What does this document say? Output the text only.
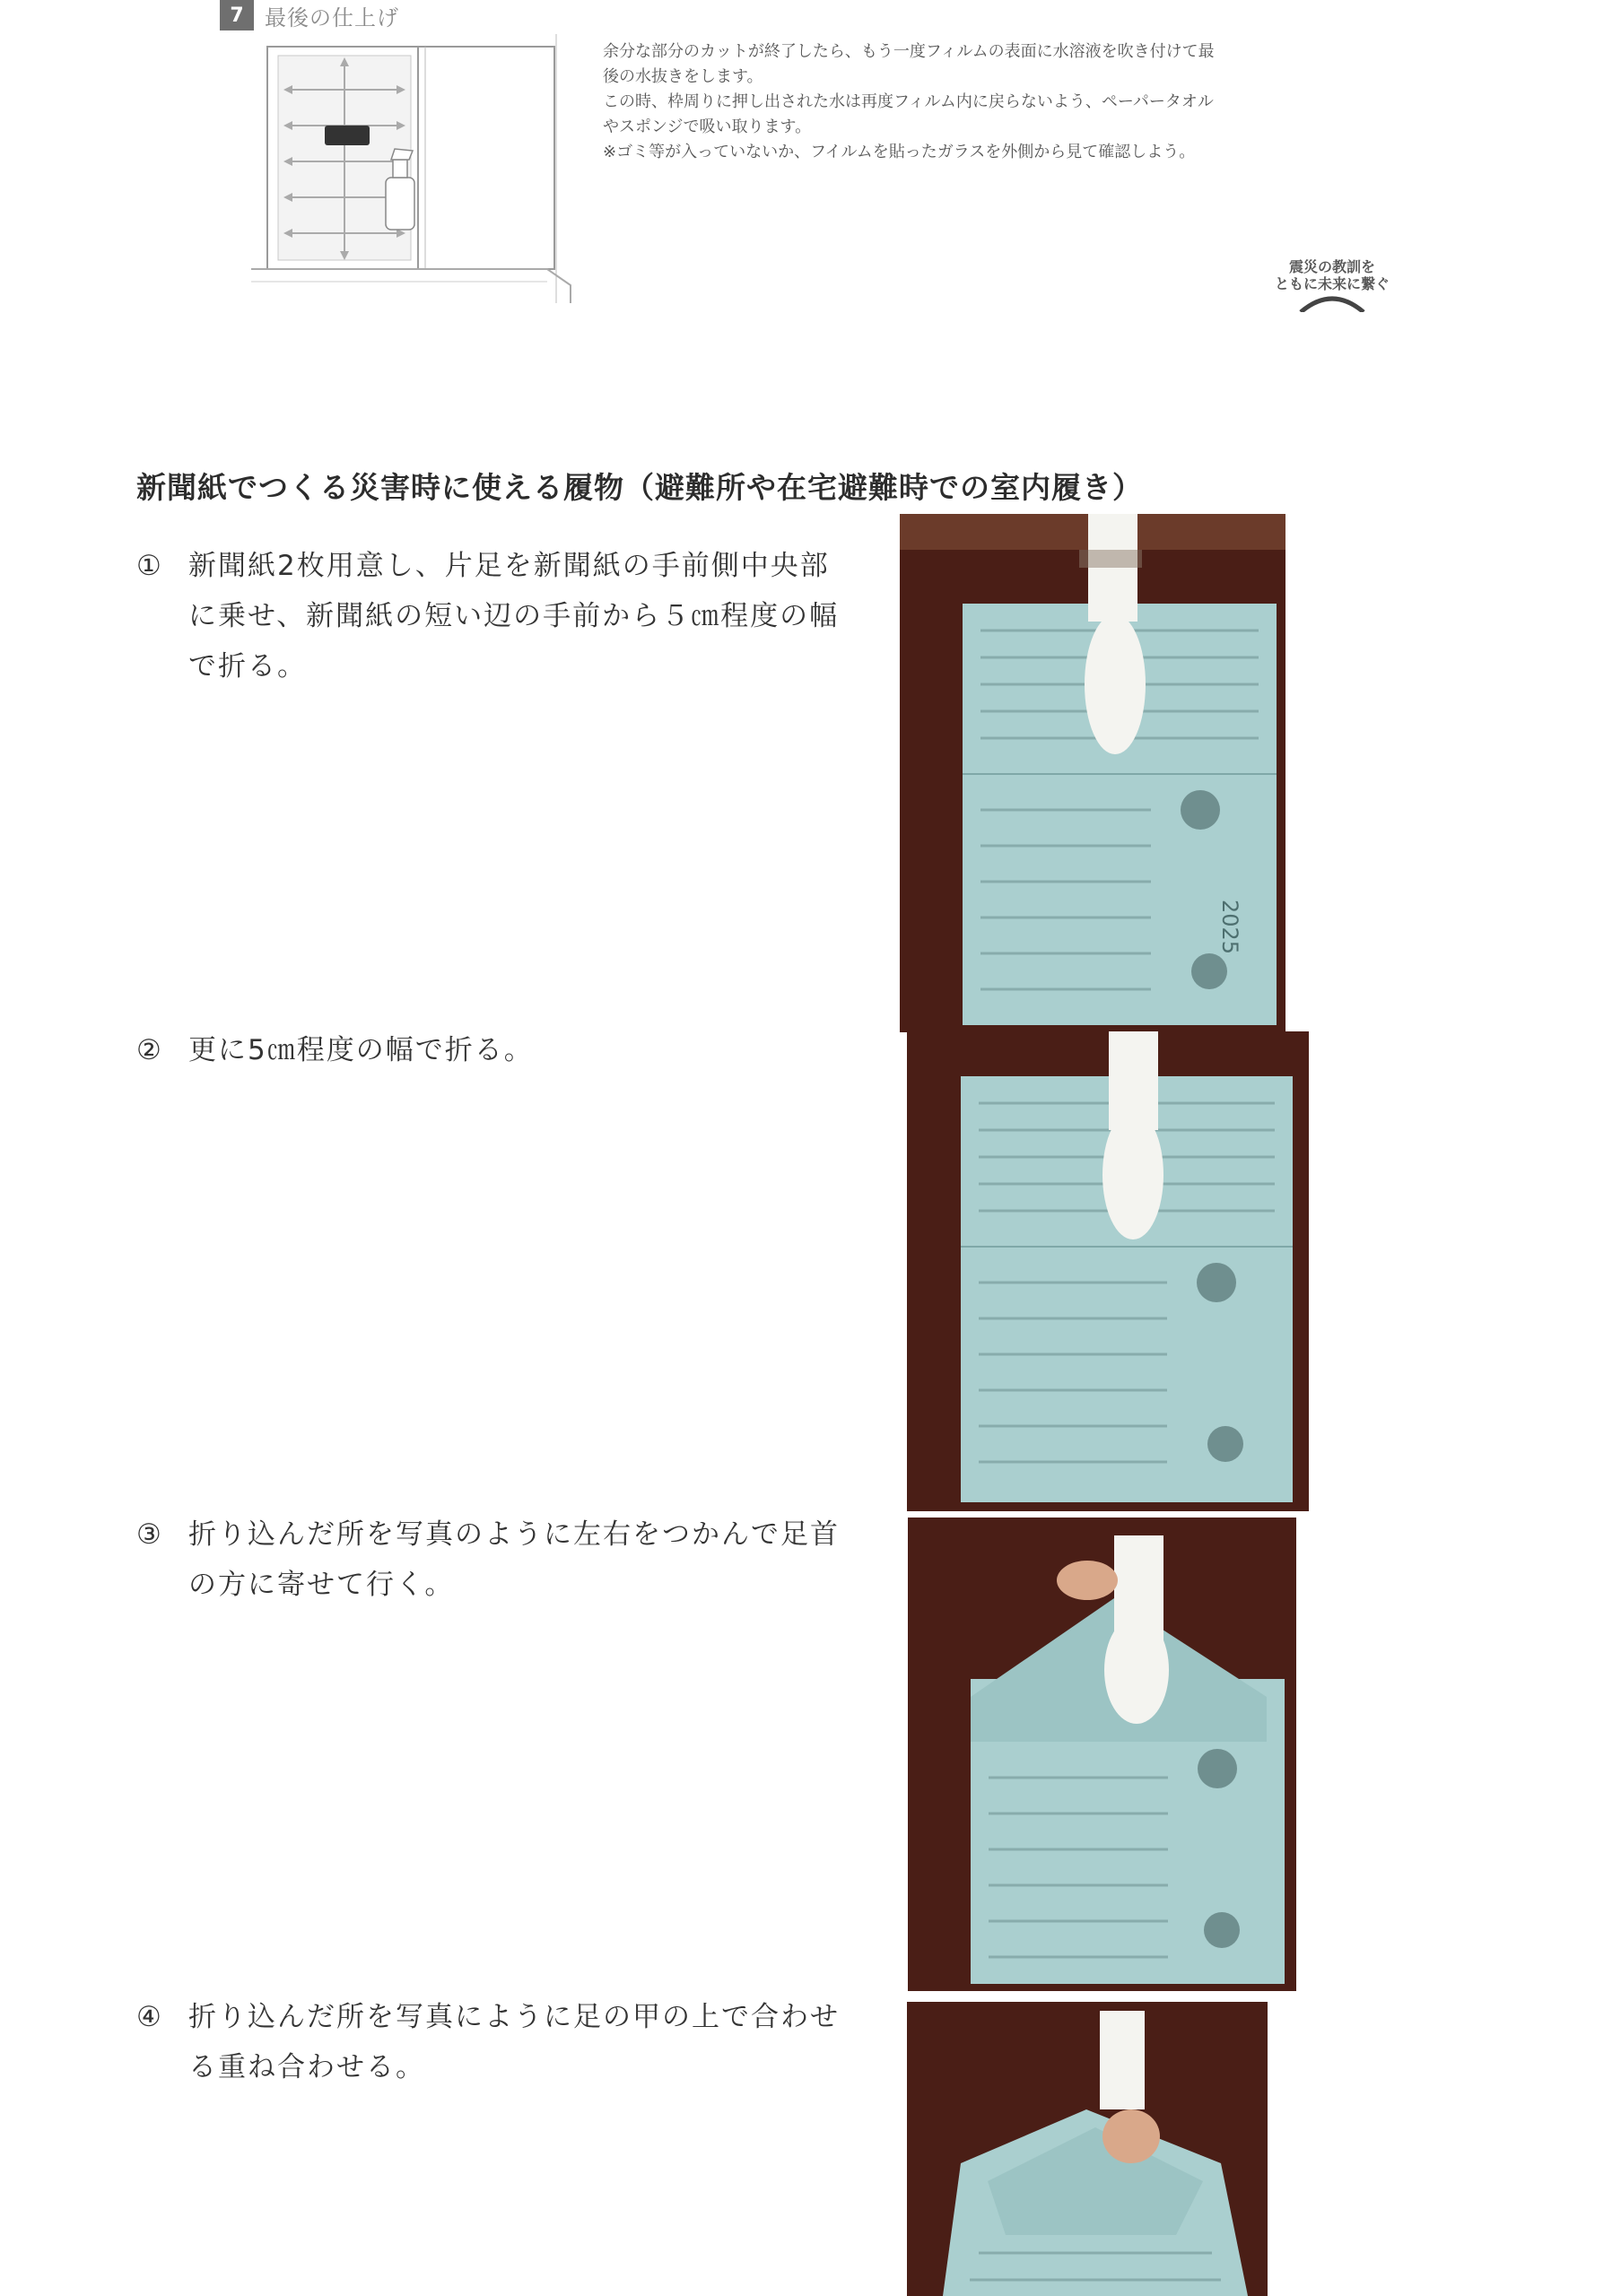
7 最後の仕上げ

余分な部分のカットが終了したら、もう一度フィルムの表面に水溶液を吹き付けて最

後の水抜きをします。

この時、枠周りに押し出された水は再度フィルム内に戻らないよう、ペーパータオル

やスポンジで吸い取ります。

※ゴミ等が入っていないか、フイルムを貼ったガラスを外側から見て確認しよう。

震災の教訓を
ともに未来に繋ぐ
新聞紙でつくる災害時に使える履物（避難所や在宅避難時での室内履き）
① 新聞紙2枚用意し、片足を新聞紙の手前側中央部
に乗せ、新聞紙の短い辺の手前から５㎝程度の幅
で折る。
② 更に5㎝程度の幅で折る。
③ 折り込んだ所を写真のように左右をつかんで足首
の方に寄せて行く。
④ 折り込んだ所を写真にように足の甲の上で合わせ
る重ね合わせる。
2025
